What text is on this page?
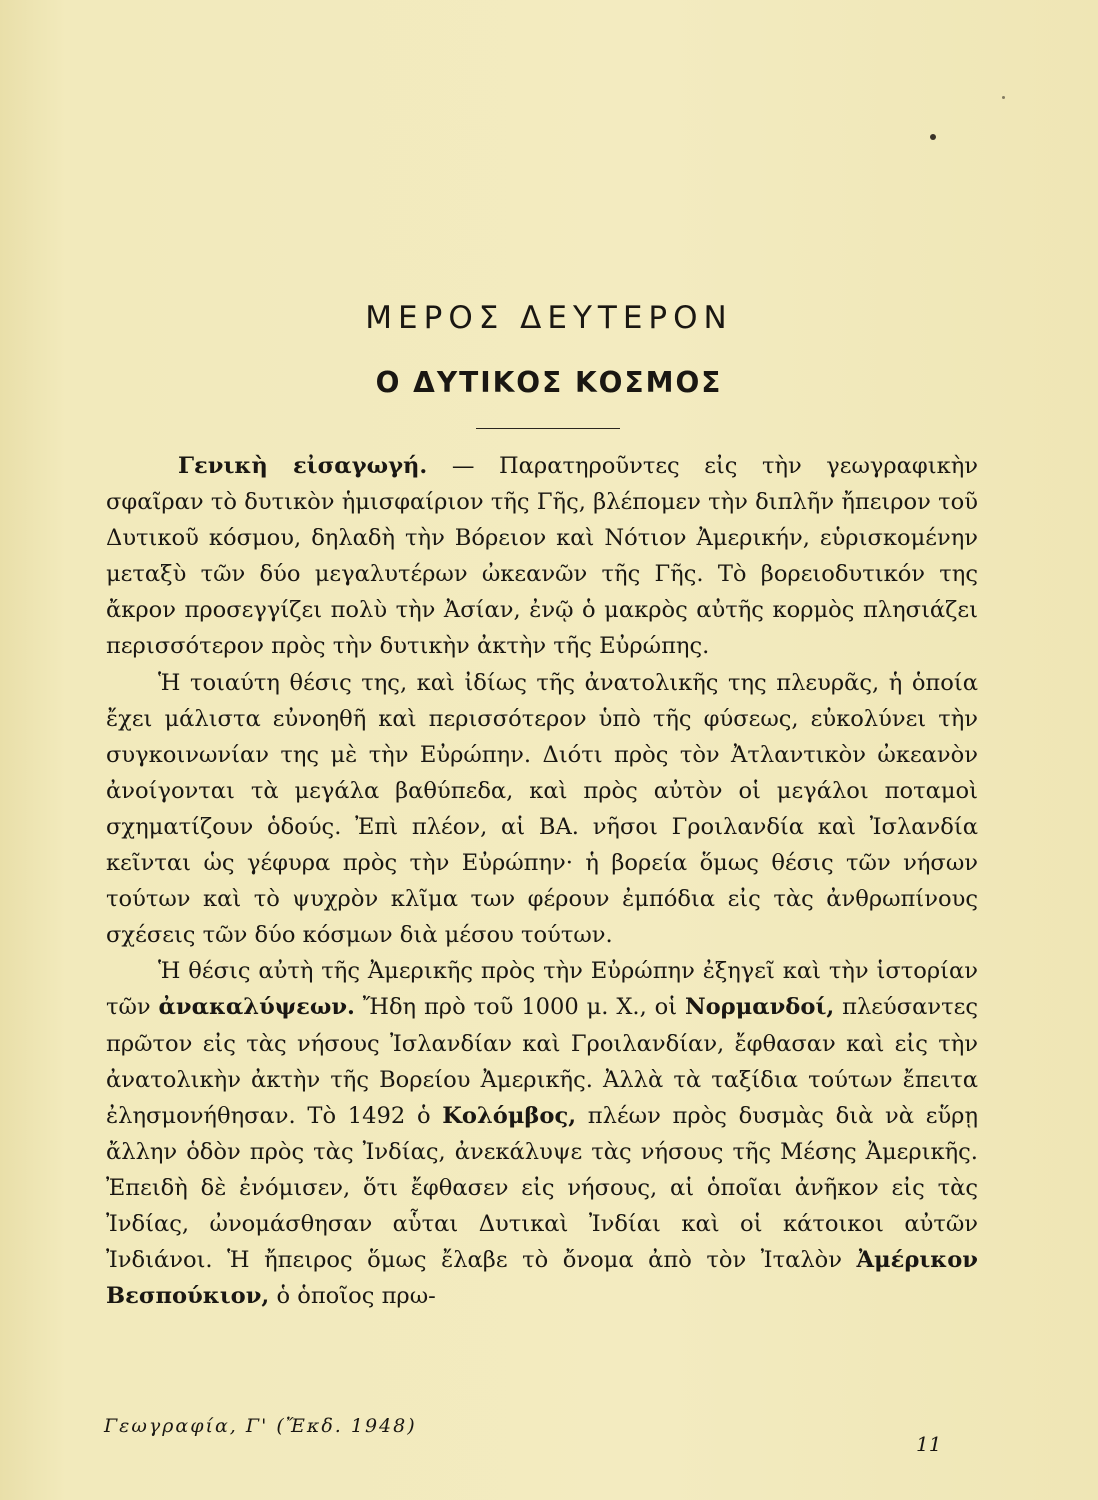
ΜΕΡΟΣ ΔΕΥΤΕΡΟΝ
Ο ΔΥΤΙΚΟΣ ΚΟΣΜΟΣ

Γενικὴ εἰσαγωγή. — Παρατηροῦντες εἰς τὴν γεωγραφικὴν σφαῖραν τὸ δυτικὸν ἡμισφαίριον τῆς Γῆς, βλέπομεν τὴν διπλῆν ἤπειρον τοῦ Δυτικοῦ κόσμου, δηλαδὴ τὴν Βόρειον καὶ Νότιον Ἀμερικήν, εὑρισκομένην μεταξὺ τῶν δύο μεγαλυτέρων ὠκεανῶν τῆς Γῆς. Τὸ βορειοδυτικόν της ἄκρον προσεγγίζει πολὺ τὴν Ἀσίαν, ἐνῷ ὁ μακρὸς αὐτῆς κορμὸς πλησιάζει περισσότερον πρὸς τὴν δυτικὴν ἀκτὴν τῆς Εὐρώπης.

Ἡ τοιαύτη θέσις της, καὶ ἰδίως τῆς ἀνατολικῆς της πλευρᾶς, ἡ ὁποία ἔχει μάλιστα εὐνοηθῆ καὶ περισσότερον ὑπὸ τῆς φύσεως, εὐκολύνει τὴν συγκοινωνίαν της μὲ τὴν Εὐρώπην. Διότι πρὸς τὸν Ἀτλαντικὸν ὠκεανὸν ἀνοίγονται τὰ μεγάλα βαθύπεδα, καὶ πρὸς αὐτὸν οἱ μεγάλοι ποταμοὶ σχηματίζουν ὁδούς. Ἐπὶ πλέον, αἱ ΒΑ. νῆσοι Γροιλανδία καὶ Ἰσλανδία κεῖνται ὡς γέφυρα πρὸς τὴν Εὐρώπην· ἡ βορεία ὅμως θέσις τῶν νήσων τούτων καὶ τὸ ψυχρὸν κλῖμα των φέρουν ἐμπόδια εἰς τὰς ἀνθρωπίνους σχέσεις τῶν δύο κόσμων διὰ μέσου τούτων.

Ἡ θέσις αὐτὴ τῆς Ἀμερικῆς πρὸς τὴν Εὐρώπην ἐξηγεῖ καὶ τὴν ἱστορίαν τῶν ἀνακαλύψεων. Ἤδη πρὸ τοῦ 1000 μ. Χ., οἱ Νορμανδοί, πλεύσαντες πρῶτον εἰς τὰς νήσους Ἰσλανδίαν καὶ Γροιλανδίαν, ἔφθασαν καὶ εἰς τὴν ἀνατολικὴν ἀκτὴν τῆς Βορείου Ἀμερικῆς. Ἀλλὰ τὰ ταξίδια τούτων ἔπειτα ἐλησμονήθησαν. Τὸ 1492 ὁ Κολόμβος, πλέων πρὸς δυσμὰς διὰ νὰ εὕρῃ ἄλλην ὁδὸν πρὸς τὰς Ἰνδίας, ἀνεκάλυψε τὰς νήσους τῆς Μέσης Ἀμερικῆς. Ἐπειδὴ δὲ ἐνόμισεν, ὅτι ἔφθασεν εἰς νήσους, αἱ ὁποῖαι ἀνῆκον εἰς τὰς Ἰνδίας, ὠνομάσθησαν αὗται Δυτικαὶ Ἰνδίαι καὶ οἱ κάτοικοι αὐτῶν Ἰνδιάνοι. Ἡ ἤπειρος ὅμως ἔλαβε τὸ ὄνομα ἀπὸ τὸν Ἰταλὸν Ἀμέρικον Βεσπούκιον, ὁ ὁποῖος πρω-

Γεωγραφία, Γ' (Ἔκδ. 1948)
11
